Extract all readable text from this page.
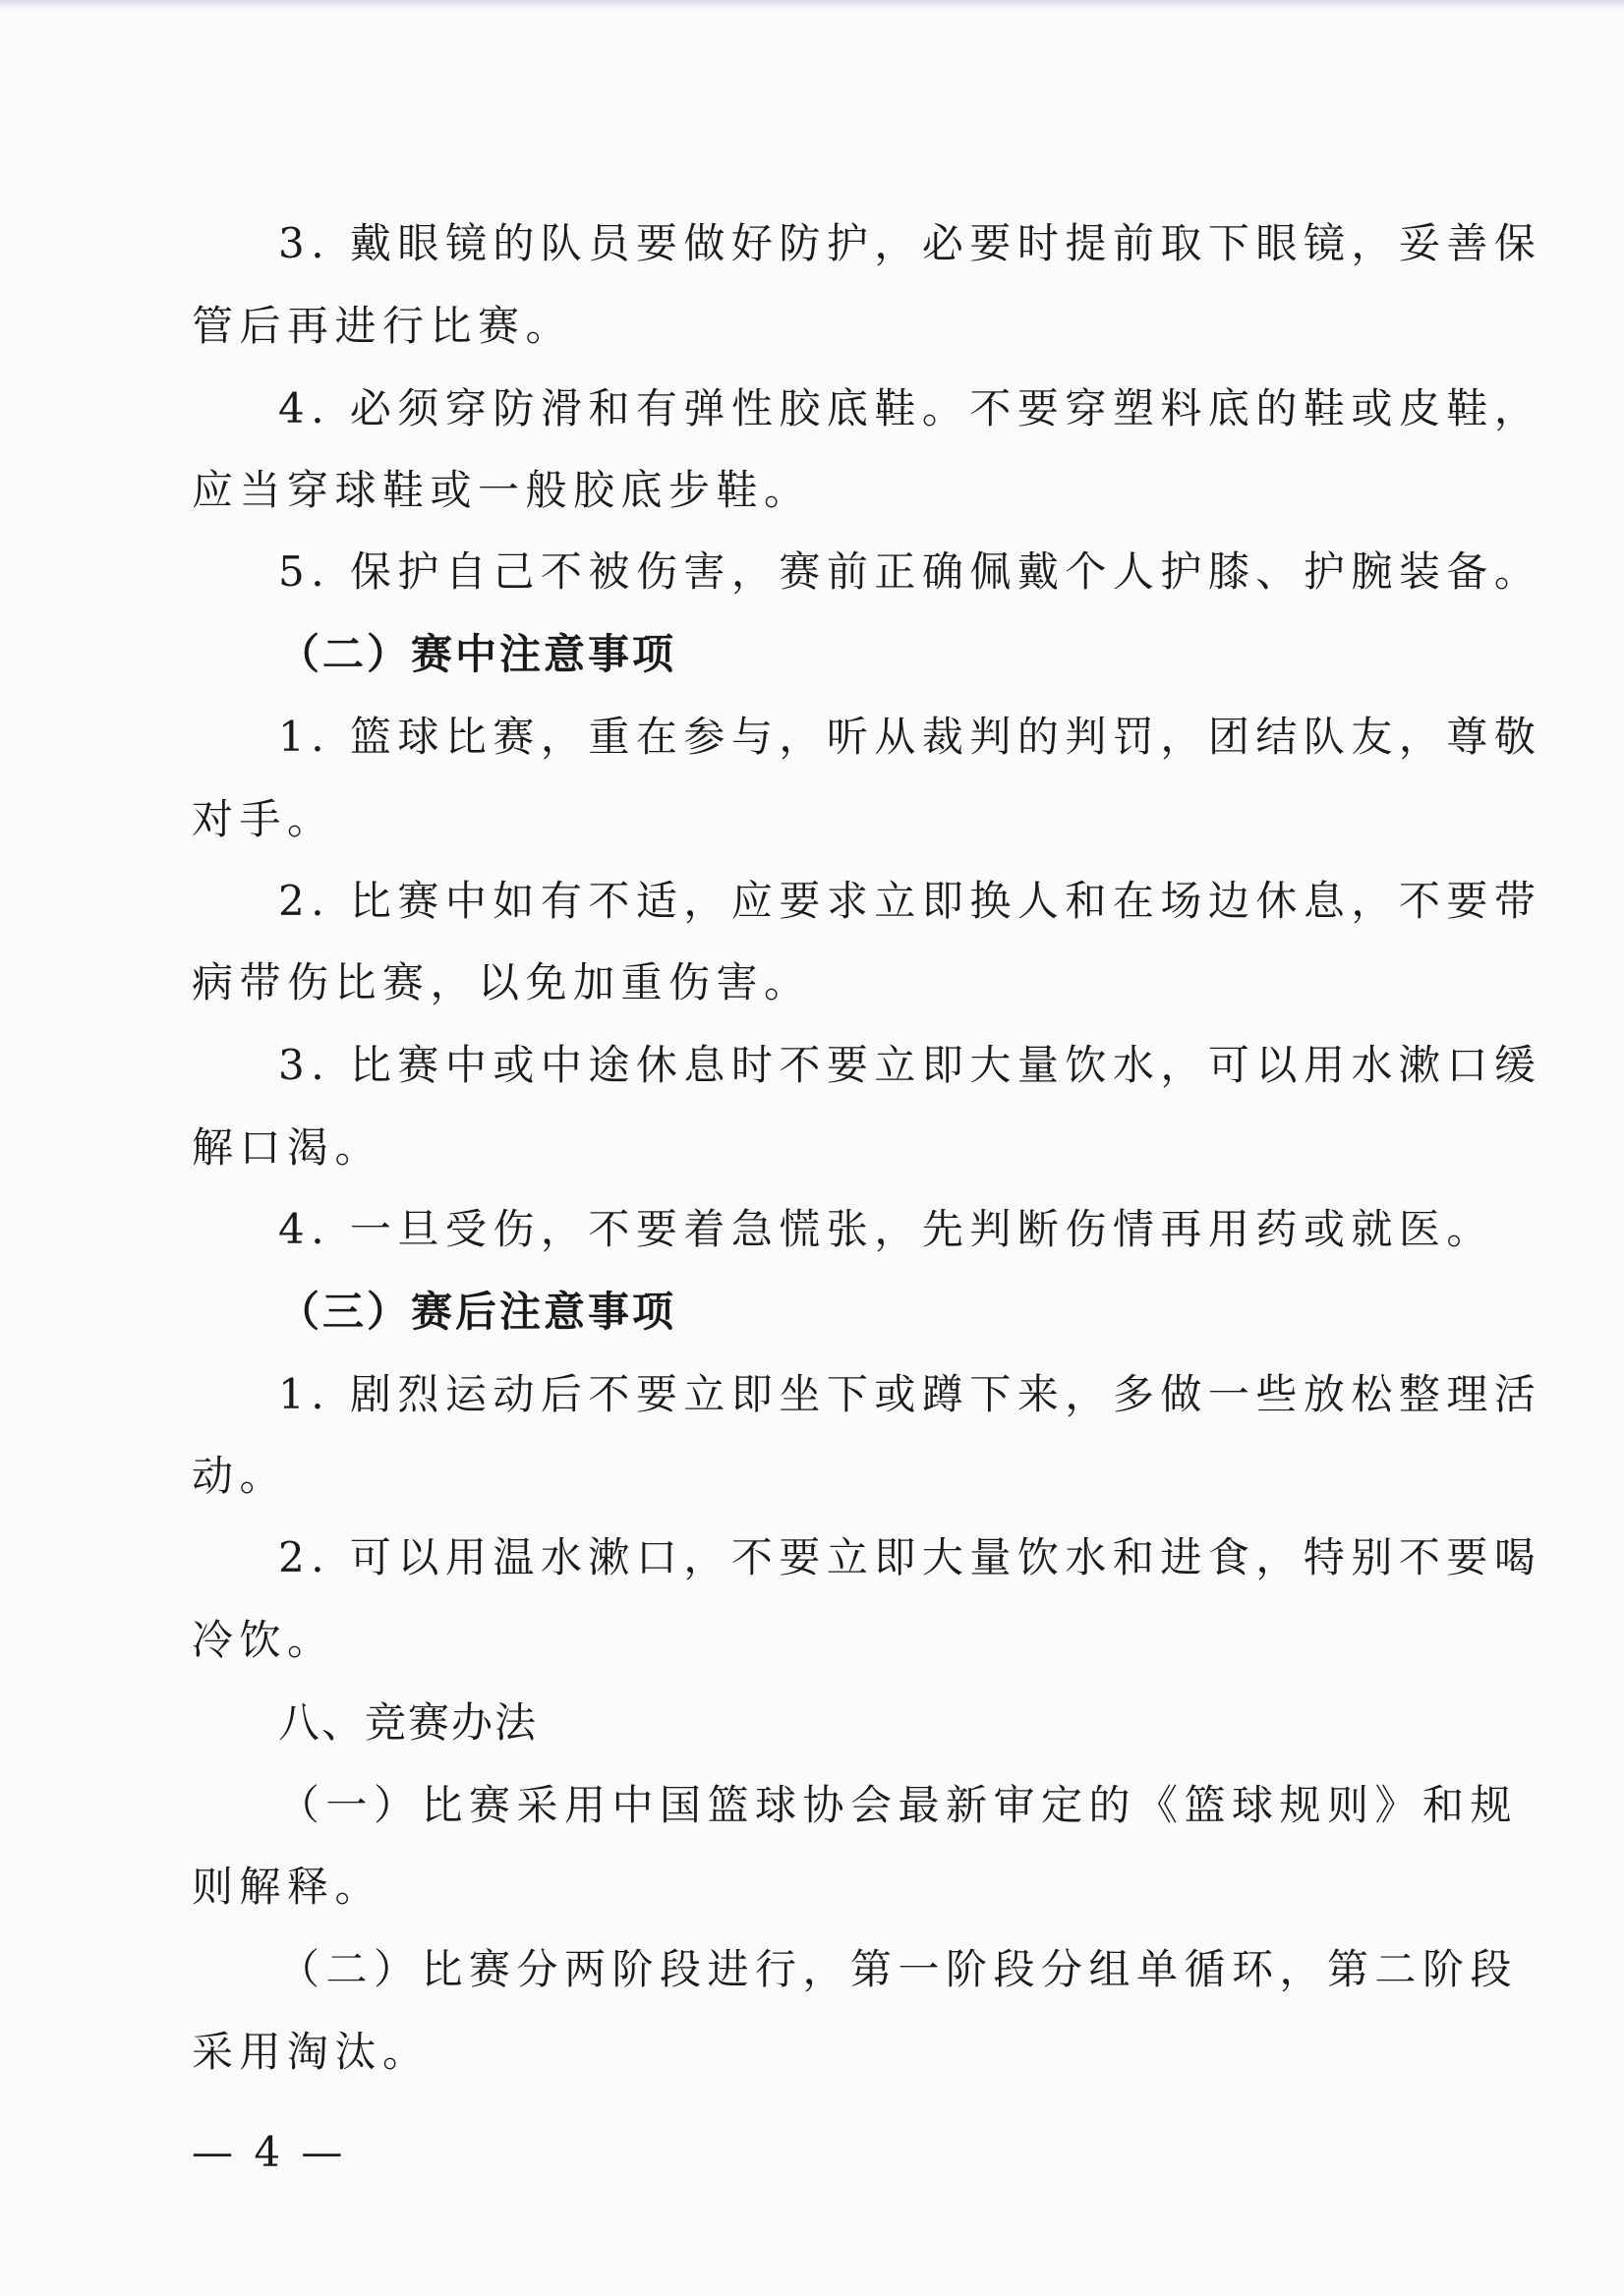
3. 戴眼镜的队员要做好防护，必要时提前取下眼镜，妥善保
管后再进行比赛。
4. 必须穿防滑和有弹性胶底鞋。不要穿塑料底的鞋或皮鞋，
应当穿球鞋或一般胶底步鞋。
5. 保护自己不被伤害，赛前正确佩戴个人护膝、护腕装备。
（二）赛中注意事项
1. 篮球比赛，重在参与，听从裁判的判罚，团结队友，尊敬
对手。
2. 比赛中如有不适，应要求立即换人和在场边休息，不要带
病带伤比赛，以免加重伤害。
3. 比赛中或中途休息时不要立即大量饮水，可以用水漱口缓
解口渴。
4. 一旦受伤，不要着急慌张，先判断伤情再用药或就医。
（三）赛后注意事项
1. 剧烈运动后不要立即坐下或蹲下来，多做一些放松整理活
动。
2. 可以用温水漱口，不要立即大量饮水和进食，特别不要喝
冷饮。
八、竞赛办法
（一）比赛采用中国篮球协会最新审定的《篮球规则》和规
则解释。
（二）比赛分两阶段进行，第一阶段分组单循环，第二阶段
采用淘汰。
— 4 —
